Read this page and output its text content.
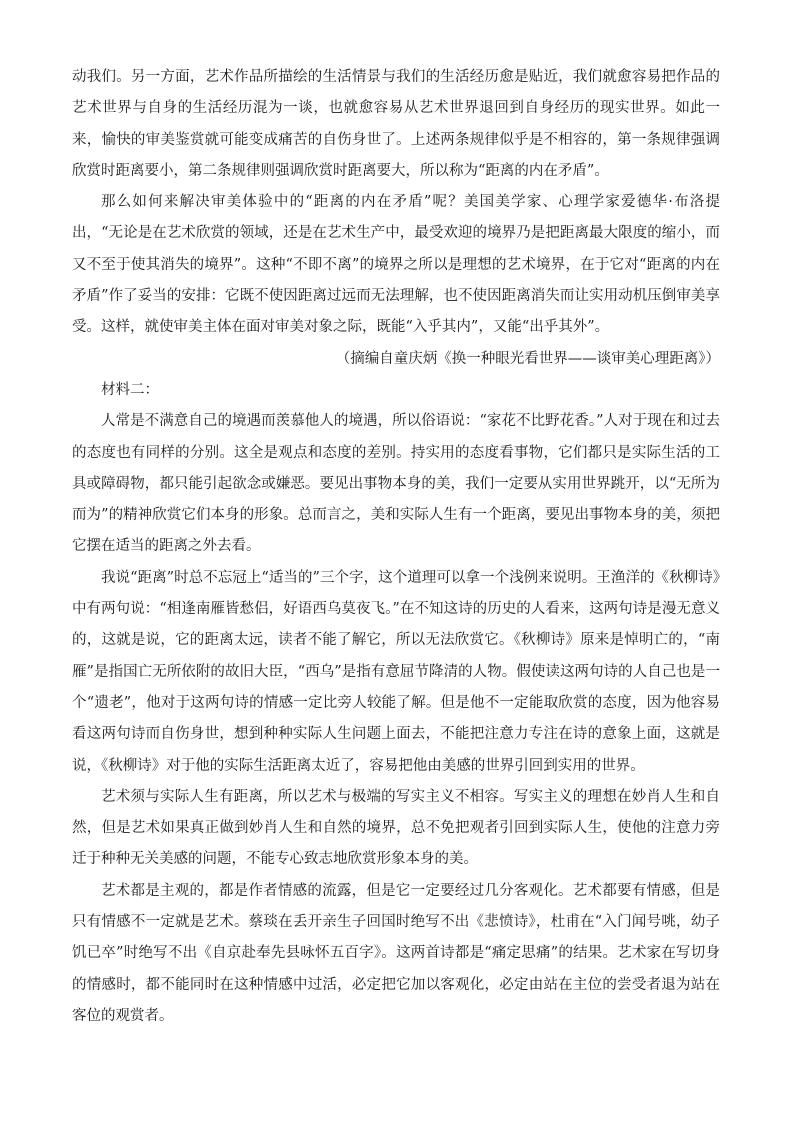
动我们。另一方面，艺术作品所描绘的生活情景与我们的生活经历愈是贴近，我们就愈容易把作品的艺术世界与自身的生活经历混为一谈，也就愈容易从艺术世界退回到自身经历的现实世界。如此一来，愉快的审美鉴赏就可能变成痛苦的自伤身世了。上述两条规律似乎是不相容的，第一条规律强调欣赏时距离要小，第二条规律则强调欣赏时距离要大，所以称为“距离的内在矛盾”。

那么如何来解决审美体验中的“距离的内在矛盾”呢？美国美学家、心理学家爱德华·布洛提出，“无论是在艺术欣赏的领域，还是在艺术生产中，最受欢迎的境界乃是把距离最大限度的缩小，而又不至于使其消失的境界”。这种“不即不离”的境界之所以是理想的艺术境界，在于它对“距离的内在矛盾”作了妥当的安排：它既不使因距离过远而无法理解，也不使因距离消失而让实用动机压倒审美享受。这样，就使审美主体在面对审美对象之际，既能“入乎其内”，又能“出乎其外”。

（摘编自童庆炳《换一种眼光看世界——谈审美心理距离》）

材料二：

人常是不满意自己的境遇而羡慕他人的境遇，所以俗语说：“家花不比野花香。”人对于现在和过去的态度也有同样的分别。这全是观点和态度的差别。持实用的态度看事物，它们都只是实际生活的工具或障碍物，都只能引起欲念或嫌恶。要见出事物本身的美，我们一定要从实用世界跳开，以“无所为而为”的精神欣赏它们本身的形象。总而言之，美和实际人生有一个距离，要见出事物本身的美，须把它摆在适当的距离之外去看。

我说“距离”时总不忘冠上“适当的”三个字，这个道理可以拿一个浅例来说明。王渔洋的《秋柳诗》中有两句说：“相逢南雁皆愁侣，好语西乌莫夜飞。”在不知这诗的历史的人看来，这两句诗是漫无意义的，这就是说，它的距离太远，读者不能了解它，所以无法欣赏它。《秋柳诗》原来是悼明亡的，“南雁”是指国亡无所依附的故旧大臣，“西乌”是指有意屈节降清的人物。假使读这两句诗的人自己也是一个“遗老”，他对于这两句诗的情感一定比旁人较能了解。但是他不一定能取欣赏的态度，因为他容易看这两句诗而自伤身世，想到种种实际人生问题上面去，不能把注意力专注在诗的意象上面，这就是说，《秋柳诗》对于他的实际生活距离太近了，容易把他由美感的世界引回到实用的世界。

艺术须与实际人生有距离，所以艺术与极端的写实主义不相容。写实主义的理想在妙肖人生和自然，但是艺术如果真正做到妙肖人生和自然的境界，总不免把观者引回到实际人生，使他的注意力旁迁于种种无关美感的问题，不能专心致志地欣赏形象本身的美。

艺术都是主观的，都是作者情感的流露，但是它一定要经过几分客观化。艺术都要有情感，但是只有情感不一定就是艺术。蔡琰在丢开亲生子回国时绝写不出《悲愤诗》，杜甫在“入门闻号咷，幼子饥已卒”时绝写不出《自京赴奉先县咏怀五百字》。这两首诗都是“痛定思痛”的结果。艺术家在写切身的情感时，都不能同时在这种情感中过活，必定把它加以客观化，必定由站在主位的尝受者退为站在客位的观赏者。
